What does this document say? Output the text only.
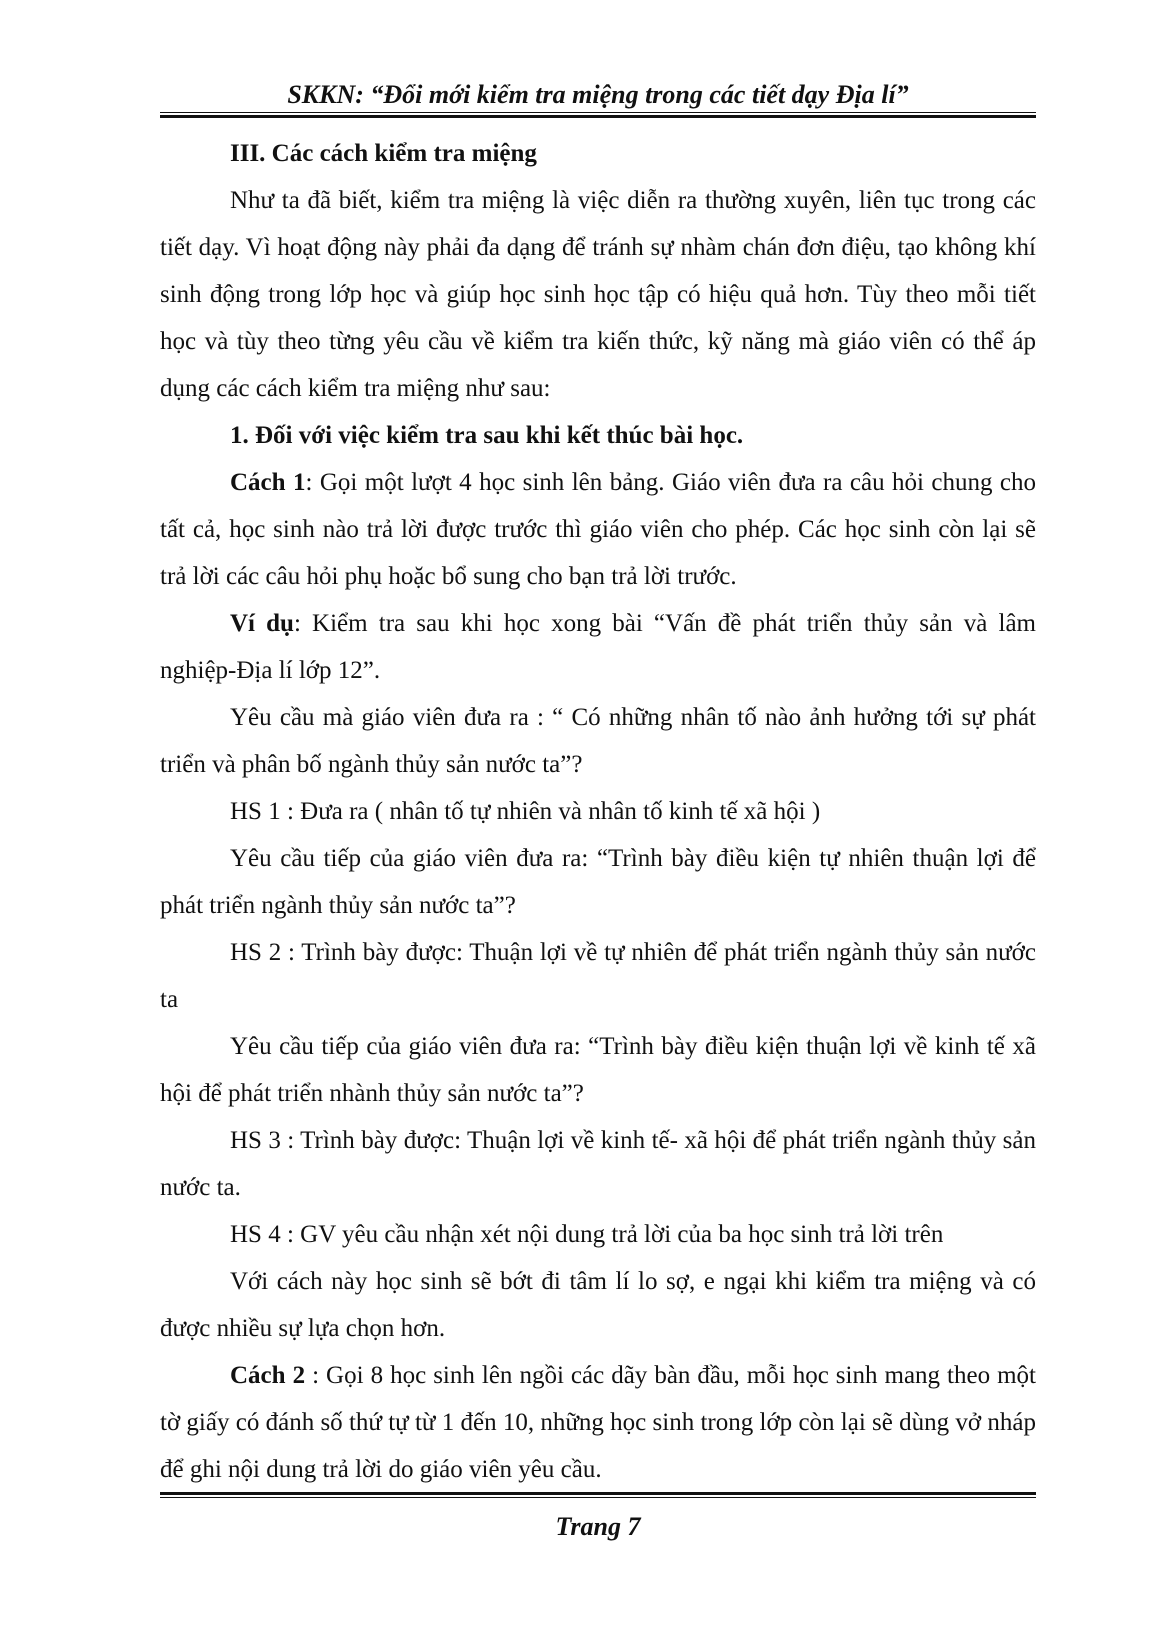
SKKN: “Đổi mới kiểm tra miệng trong các tiết dạy Địa lí”

III. Các cách kiểm tra miệng

Như ta đã biết, kiểm tra miệng là việc diễn ra thường xuyên, liên tục trong các tiết dạy. Vì hoạt động này phải đa dạng để tránh sự nhàm chán đơn điệu, tạo không khí sinh động trong lớp học và giúp học sinh học tập có hiệu quả hơn. Tùy theo mỗi tiết học và tùy theo từng yêu cầu về kiểm tra kiến thức, kỹ năng mà giáo viên có thể áp dụng các cách kiểm tra miệng như sau:

1. Đối với việc kiểm tra sau khi kết thúc bài học.

Cách 1: Gọi một lượt 4 học sinh lên bảng. Giáo viên đưa ra câu hỏi chung cho tất cả, học sinh nào trả lời được trước thì giáo viên cho phép. Các học sinh còn lại sẽ trả lời các câu hỏi phụ hoặc bổ sung cho bạn trả lời trước.

Ví dụ: Kiểm tra sau khi học xong bài “Vấn đề phát triển thủy sản và lâm nghiệp-Địa lí lớp 12”.

Yêu cầu mà giáo viên đưa ra : “ Có những nhân tố nào ảnh hưởng tới sự phát triển và phân bố ngành thủy sản nước ta”?

HS 1 : Đưa ra ( nhân tố tự nhiên và nhân tố kinh tế xã hội )

Yêu cầu tiếp của giáo viên đưa ra: “Trình bày điều kiện tự nhiên thuận lợi để phát triển ngành thủy sản nước ta”?

HS 2 : Trình bày được: Thuận lợi về tự nhiên để phát triển ngành thủy sản nước ta

Yêu cầu tiếp của giáo viên đưa ra: “Trình bày điều kiện thuận lợi về kinh tế xã hội để phát triển nhành thủy sản nước ta”?

HS 3 : Trình bày được: Thuận lợi về kinh tế- xã hội để phát triển ngành thủy sản nước ta.

HS 4 : GV yêu cầu nhận xét nội dung trả lời của ba học sinh trả lời trên

Với cách này học sinh sẽ bớt đi tâm lí lo sợ, e ngại khi kiểm tra miệng và có được nhiều sự lựa chọn hơn.

Cách 2 : Gọi 8 học sinh lên ngồi các dãy bàn đầu, mỗi học sinh mang theo một tờ giấy có đánh số thứ tự từ 1 đến 10, những học sinh trong lớp còn lại sẽ dùng vở nháp để ghi nội dung trả lời do giáo viên yêu cầu.

Trang 7
